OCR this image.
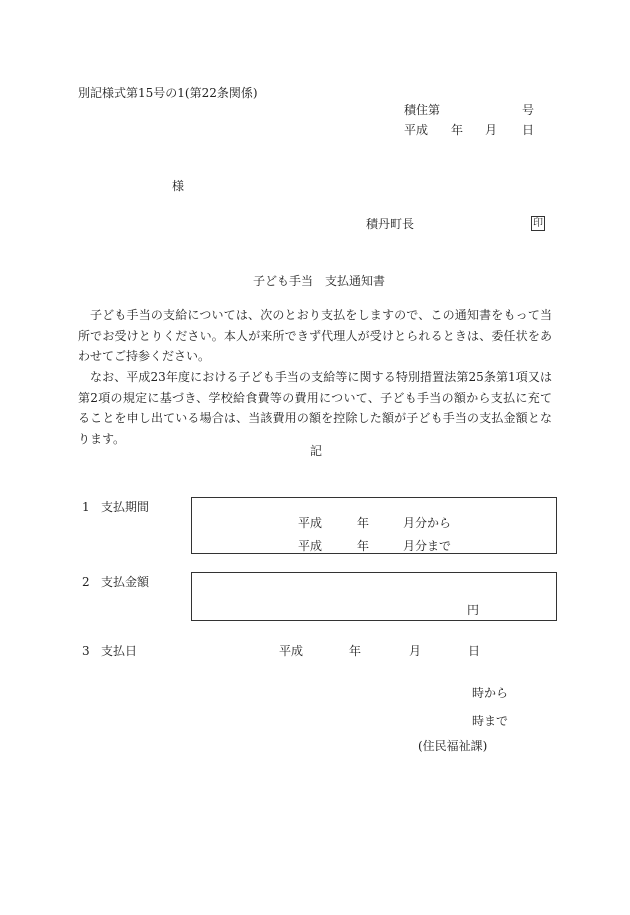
別記様式第15号の1(第22条関係)
積住第	号
平成 年 月 日
様
積丹町長	印
子ども手当　支払通知書
子ども手当の支給については、次のとおり支払をしますので、この通知書をもって当所でお受けとりください。本人が来所できず代理人が受けとられるときは、委任状をあわせてご持参ください。
なお、平成23年度における子ども手当の支給等に関する特別措置法第25条第1項又は第2項の規定に基づき、学校給食費等の費用について、子ども手当の額から支払に充てることを申し出ている場合は、当該費用の額を控除した額が子ども手当の支払金額となります。
記
1 支払期間
平成	年	月分から
平成	年	月分まで
2 支払金額
円
3 支払日	平成	年	月	日
時から
時まで
(住民福祉課)
